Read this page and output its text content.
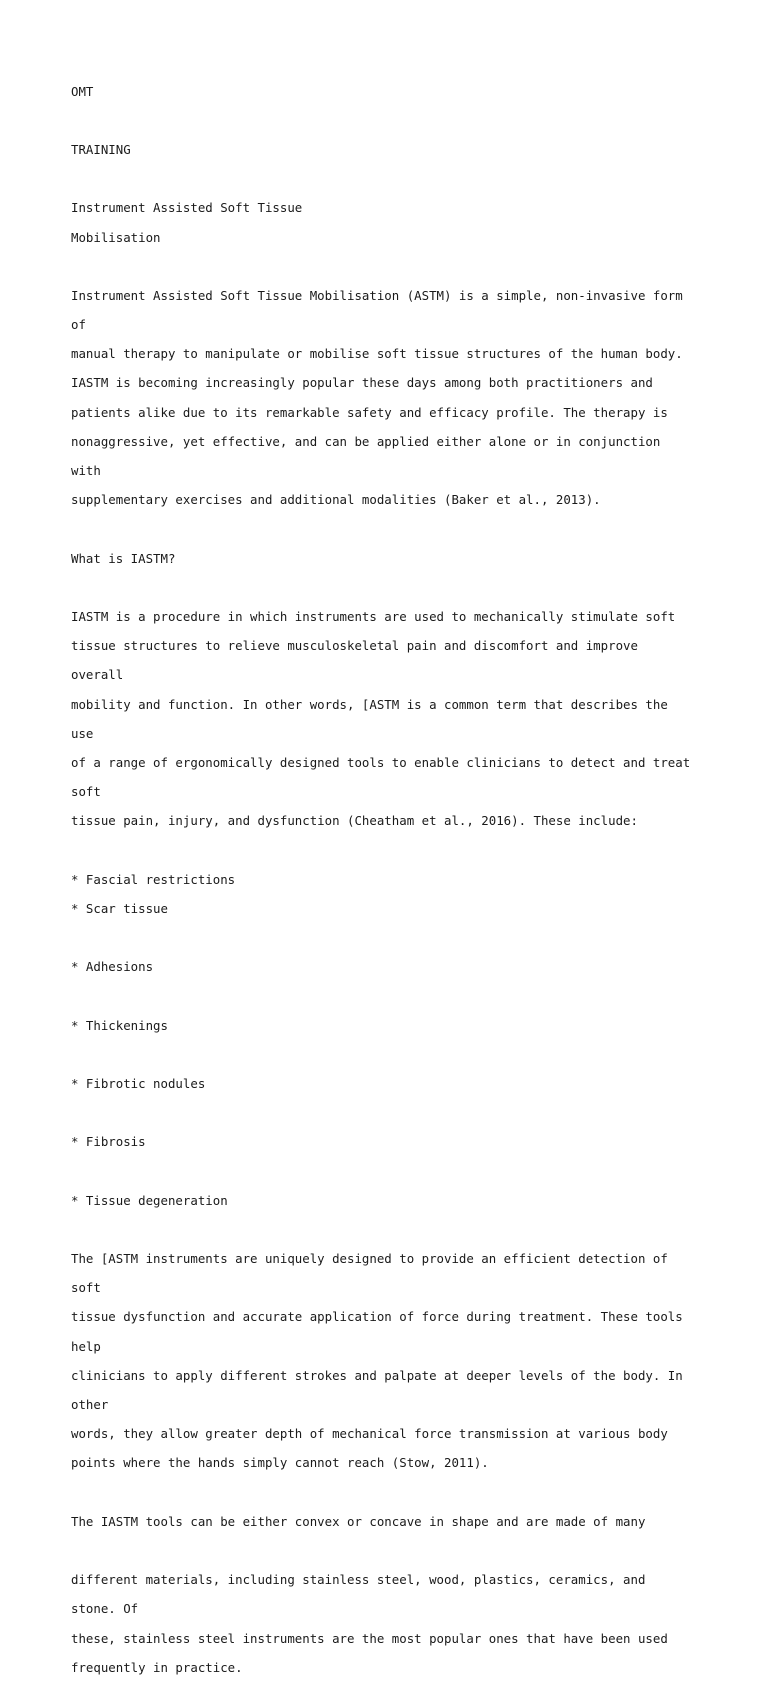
OMT

TRAINING

Instrument Assisted Soft Tissue

Mobilisation

Instrument Assisted Soft Tissue Mobilisation (ASTM) is a simple, non-invasive form

of

manual therapy to manipulate or mobilise soft tissue structures of the human body.

IASTM is becoming increasingly popular these days among both practitioners and

patients alike due to its remarkable safety and efficacy profile. The therapy is

nonaggressive, yet effective, and can be applied either alone or in conjunction

with

supplementary exercises and additional modalities (Baker et al., 2013).

What is IASTM?

IASTM is a procedure in which instruments are used to mechanically stimulate soft

tissue structures to relieve musculoskeletal pain and discomfort and improve

overall

mobility and function. In other words, [ASTM is a common term that describes the

use

of a range of ergonomically designed tools to enable clinicians to detect and treat

soft

tissue pain, injury, and dysfunction (Cheatham et al., 2016). These include:

* Fascial restrictions

* Scar tissue

* Adhesions

* Thickenings

* Fibrotic nodules

* Fibrosis

* Tissue degeneration

The [ASTM instruments are uniquely designed to provide an efficient detection of

soft

tissue dysfunction and accurate application of force during treatment. These tools

help

clinicians to apply different strokes and palpate at deeper levels of the body. In

other

words, they allow greater depth of mechanical force transmission at various body

points where the hands simply cannot reach (Stow, 2011).

The IASTM tools can be either convex or concave in shape and are made of many

different materials, including stainless steel, wood, plastics, ceramics, and

stone. Of

these, stainless steel instruments are the most popular ones that have been used

frequently in practice.
